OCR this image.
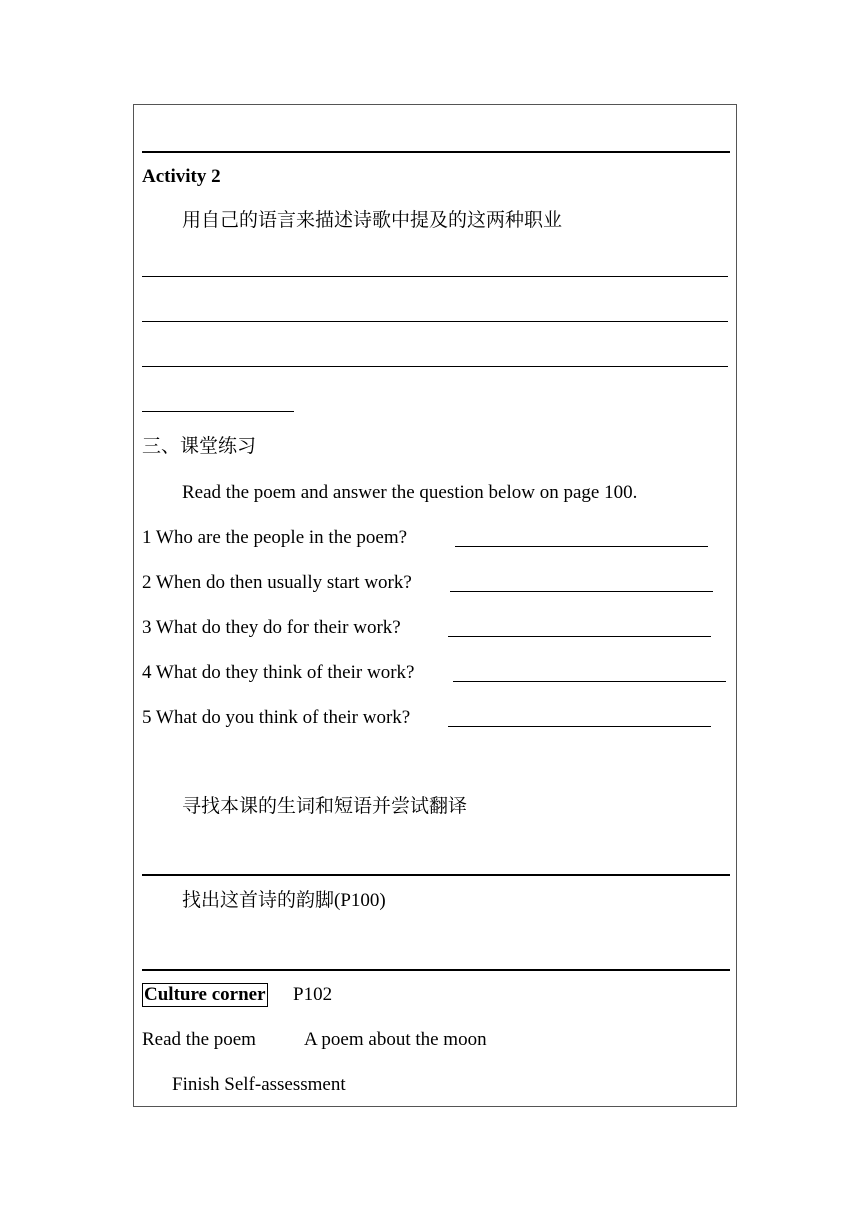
Activity 2
用自己的语言来描述诗歌中提及的这两种职业
三、课堂练习
Read the poem and answer the question below on page 100.
1 Who are the people in the poem?
2 When do then usually start work?
3 What do they do for their work?
4 What do they think of their work?
5 What do you think of their work?
寻找本课的生词和短语并尝试翻译
找出这首诗的韵脚(P100)
Culture corner P102
Read the poem	A poem about the moon
Finish Self-assessment
